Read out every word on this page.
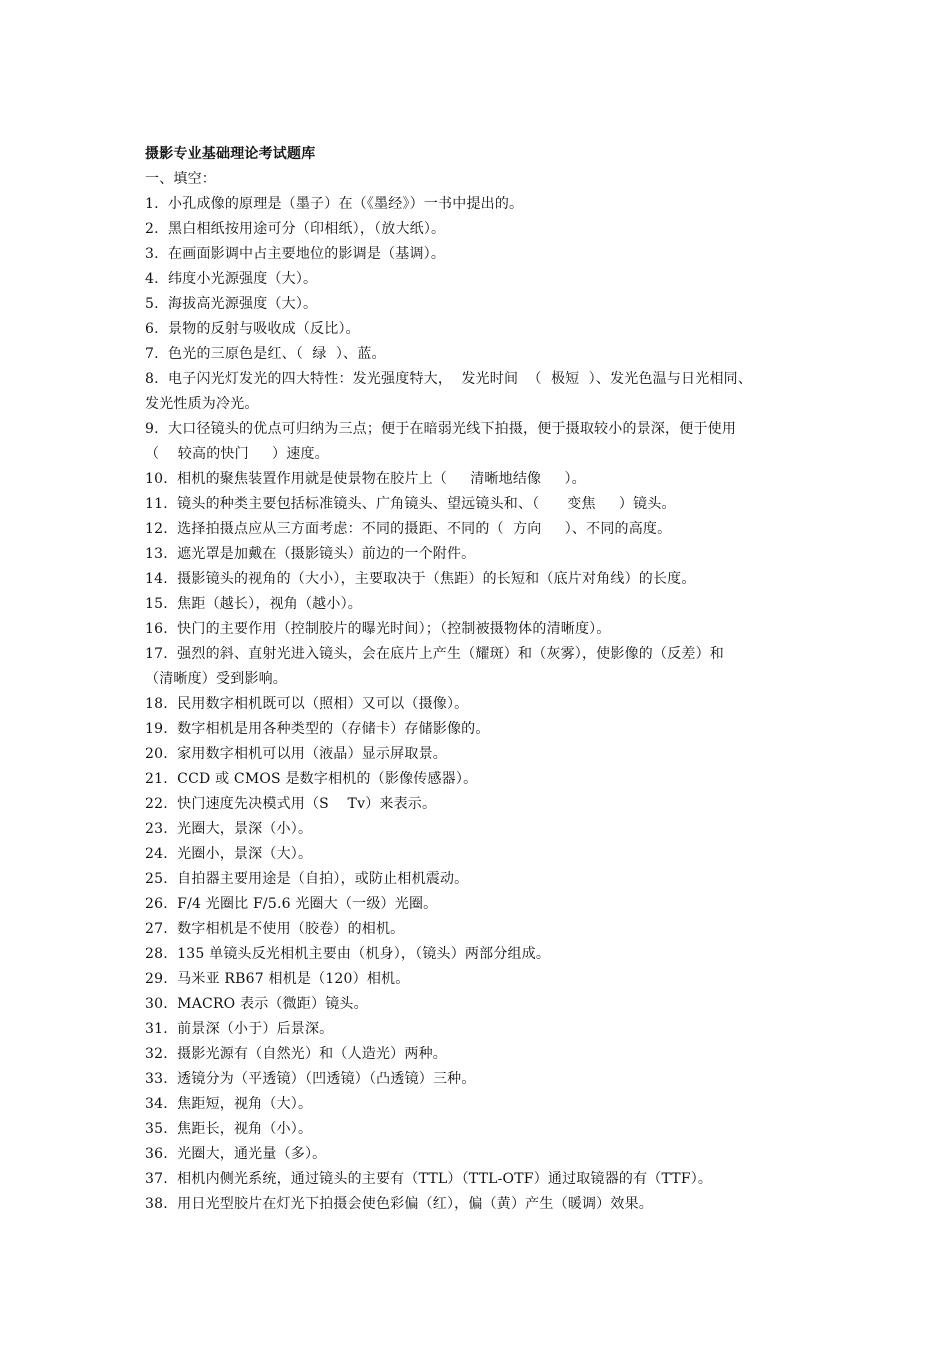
摄影专业基础理论考试题库
一、填空：
1.  小孔成像的原理是（墨子）在（《墨经》）一书中提出的。
2.  黑白相纸按用途可分（印相纸），（放大纸）。
3.  在画面影调中占主要地位的影调是（基调）。
4.  纬度小光源强度（大）。
5.  海拔高光源强度（大）。
6.  景物的反射与吸收成（反比）。
7.  色光的三原色是红、（  绿  ）、蓝。
8.  电子闪光灯发光的四大特性：发光强度特大，  发光时间  （  极短  ）、发光色温与日光相同、
发光性质为冷光。
9.  大口径镜头的优点可归纳为三点；便于在暗弱光线下拍摄，便于摄取较小的景深，便于使用
（    较高的快门     ）速度。
10.  相机的聚焦装置作用就是使景物在胶片上（     清晰地结像     ）。
11.  镜头的种类主要包括标准镜头、广角镜头、望远镜头和、（      变焦     ）镜头。
12.  选择拍摄点应从三方面考虑：不同的摄距、不同的（  方向     ）、不同的高度。
13.  遮光罩是加戴在（摄影镜头）前边的一个附件。
14.  摄影镜头的视角的（大小），主要取决于（焦距）的长短和（底片对角线）的长度。
15.  焦距（越长），视角（越小）。
16.  快门的主要作用（控制胶片的曝光时间）；（控制被摄物体的清晰度）。
17.  强烈的斜、直射光进入镜头，会在底片上产生（耀斑）和（灰雾），使影像的（反差）和
（清晰度）受到影响。
18.  民用数字相机既可以（照相）又可以（摄像）。
19.  数字相机是用各种类型的（存储卡）存储影像的。
20.  家用数字相机可以用（液晶）显示屏取景。
21.  CCD 或 CMOS 是数字相机的（影像传感器）。
22.  快门速度先决模式用（S    Tv）来表示。
23.  光圈大，景深（小）。
24.  光圈小，景深（大）。
25.  自拍器主要用途是（自拍），或防止相机震动。
26.  F/4 光圈比 F/5.6 光圈大（一级）光圈。
27.  数字相机是不使用（胶卷）的相机。
28.  135 单镜头反光相机主要由（机身），（镜头）两部分组成。
29.  马米亚 RB67 相机是（120）相机。
30.  MACRO 表示（微距）镜头。
31.  前景深（小于）后景深。
32.  摄影光源有（自然光）和（人造光）两种。
33.  透镜分为（平透镜）（凹透镜）（凸透镜）三种。
34.  焦距短，视角（大）。
35.  焦距长，视角（小）。
36.  光圈大，通光量（多）。
37.  相机内侧光系统，通过镜头的主要有（TTL）（TTL-OTF）通过取镜器的有（TTF）。
38.  用日光型胶片在灯光下拍摄会使色彩偏（红），偏（黄）产生（暖调）效果。
